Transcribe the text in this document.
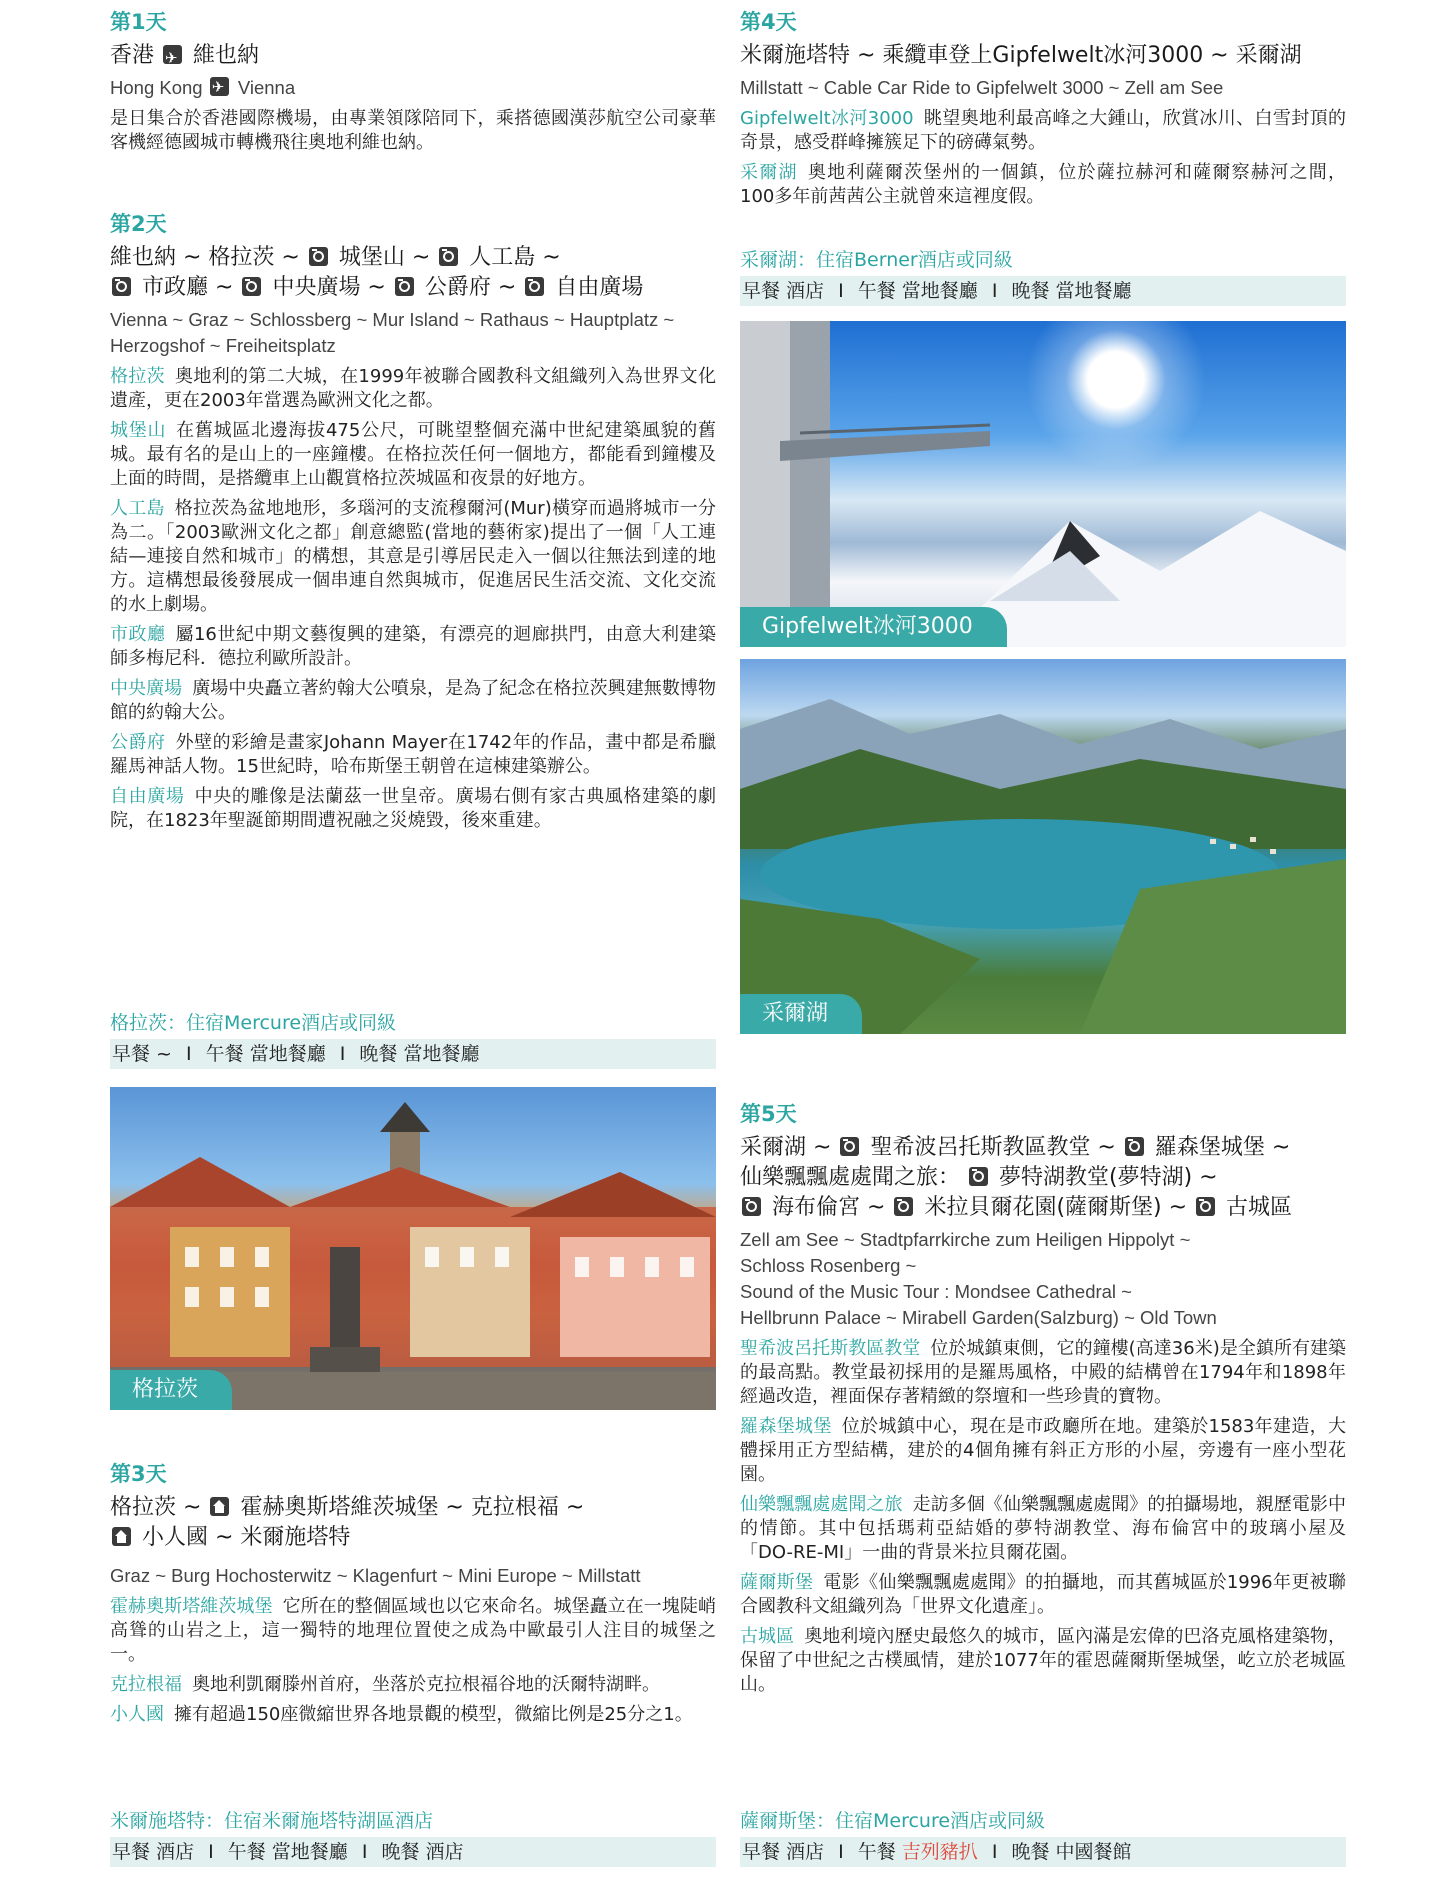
第1天

香港 ✈ 維也納

Hong Kong ✈ Vienna

是日集合於香港國際機場，由專業領隊陪同下，乘搭德國漢莎航空公司豪華客機經德國城市轉機飛往奧地利維也納。

第2天

維也納 ~ 格拉茨 ~ 城堡山 ~ 人工島 ~

市政廳 ~ 中央廣場 ~ 公爵府 ~ 自由廣場

Vienna ~ Graz ~ Schlossberg ~ Mur Island ~ Rathaus ~ Hauptplatz ~ Herzogshof ~ Freiheitsplatz

格拉茨 奧地利的第二大城，在1999年被聯合國教科文組織列入為世界文化遺產，更在2003年當選為歐洲文化之都。

城堡山 在舊城區北邊海拔475公尺，可眺望整個充滿中世紀建築風貌的舊城。最有名的是山上的一座鐘樓。在格拉茨任何一個地方，都能看到鐘樓及上面的時間，是搭纜車上山觀賞格拉茨城區和夜景的好地方。

人工島 格拉茨為盆地地形，多瑙河的支流穆爾河(Mur)橫穿而過將城市一分為二。「2003歐洲文化之都」創意總監(當地的藝術家)提出了一個「人工連結—連接自然和城市」的構想，其意是引導居民走入一個以往無法到達的地方。這構想最後發展成一個串連自然與城市，促進居民生活交流、文化交流的水上劇場。

市政廳 屬16世紀中期文藝復興的建築，有漂亮的迴廊拱門，由意大利建築師多梅尼科．德拉利歐所設計。

中央廣場 廣場中央矗立著約翰大公噴泉，是為了紀念在格拉茨興建無數博物館的約翰大公。

公爵府 外壁的彩繪是畫家Johann Mayer在1742年的作品，畫中都是希臘羅馬神話人物。15世紀時，哈布斯堡王朝曾在這棟建築辦公。

自由廣場 中央的雕像是法蘭茲一世皇帝。廣場右側有家古典風格建築的劇院，在1823年聖誕節期間遭祝融之災燒毀，後來重建。

格拉茨：住宿Mercure酒店或同級
早餐 ~ I 午餐 當地餐廳 I 晚餐 當地餐廳
格拉茨
第3天

格拉茨 ~ 霍赫奧斯塔維茨城堡 ~ 克拉根福 ~

小人國 ~ 米爾施塔特

Graz ~ Burg Hochosterwitz ~ Klagenfurt ~ Mini Europe ~ Millstatt

霍赫奧斯塔維茨城堡 它所在的整個區域也以它來命名。城堡矗立在一塊陡峭高聳的山岩之上，這一獨特的地理位置使之成為中歐最引人注目的城堡之一。

克拉根福 奧地利凱爾滕州首府，坐落於克拉根福谷地的沃爾特湖畔。

小人國 擁有超過150座微縮世界各地景觀的模型，微縮比例是25分之1。

米爾施塔特：住宿米爾施塔特湖區酒店
早餐 酒店 I 午餐 當地餐廳 I 晚餐 酒店
第4天

米爾施塔特 ~ 乘纜車登上Gipfelwelt冰河3000 ~ 采爾湖

Millstatt ~ Cable Car Ride to Gipfelwelt 3000 ~ Zell am See

Gipfelwelt冰河3000 眺望奧地利最高峰之大鍾山，欣賞冰川、白雪封頂的奇景，感受群峰擁簇足下的磅礡氣勢。

采爾湖 奧地利薩爾茨堡州的一個鎮，位於薩拉赫河和薩爾察赫河之間， 100多年前茜茜公主就曾來這裡度假。

采爾湖：住宿Berner酒店或同級
早餐 酒店 I 午餐 當地餐廳 I 晚餐 當地餐廳
Gipfelwelt冰河3000
采爾湖
第5天

采爾湖 ~ 聖希波呂托斯教區教堂 ~ 羅森堡城堡 ~

仙樂飄飄處處聞之旅： 夢特湖教堂(夢特湖) ~

海布倫宮 ~ 米拉貝爾花園(薩爾斯堡) ~ 古城區

Zell am See ~ Stadtpfarrkirche zum Heiligen Hippolyt ~
Schloss Rosenberg ~
Sound of the Music Tour : Mondsee Cathedral ~
Hellbrunn Palace ~ Mirabell Garden(Salzburg) ~ Old Town

聖希波呂托斯教區教堂 位於城鎮東側，它的鐘樓(高達36米)是全鎮所有建築的最高點。教堂最初採用的是羅馬風格，中殿的結構曾在1794年和1898年經過改造，裡面保存著精緻的祭壇和一些珍貴的寶物。

羅森堡城堡 位於城鎮中心，現在是市政廳所在地。建築於1583年建造，大體採用正方型結構，建於的4個角擁有斜正方形的小屋，旁邊有一座小型花園。

仙樂飄飄處處聞之旅 走訪多個《仙樂飄飄處處聞》的拍攝場地，親歷電影中的情節。其中包括瑪莉亞結婚的夢特湖教堂、海布倫宮中的玻璃小屋及「DO-RE-MI」一曲的背景米拉貝爾花園。

薩爾斯堡 電影《仙樂飄飄處處聞》的拍攝地，而其舊城區於1996年更被聯合國教科文組織列為「世界文化遺產」。

古城區 奧地利境內歷史最悠久的城市，區內滿是宏偉的巴洛克風格建築物，保留了中世紀之古樸風情，建於1077年的霍恩薩爾斯堡城堡，屹立於老城區山。

薩爾斯堡：住宿Mercure酒店或同級
早餐 酒店 I 午餐 吉列豬扒 I 晚餐 中國餐館
